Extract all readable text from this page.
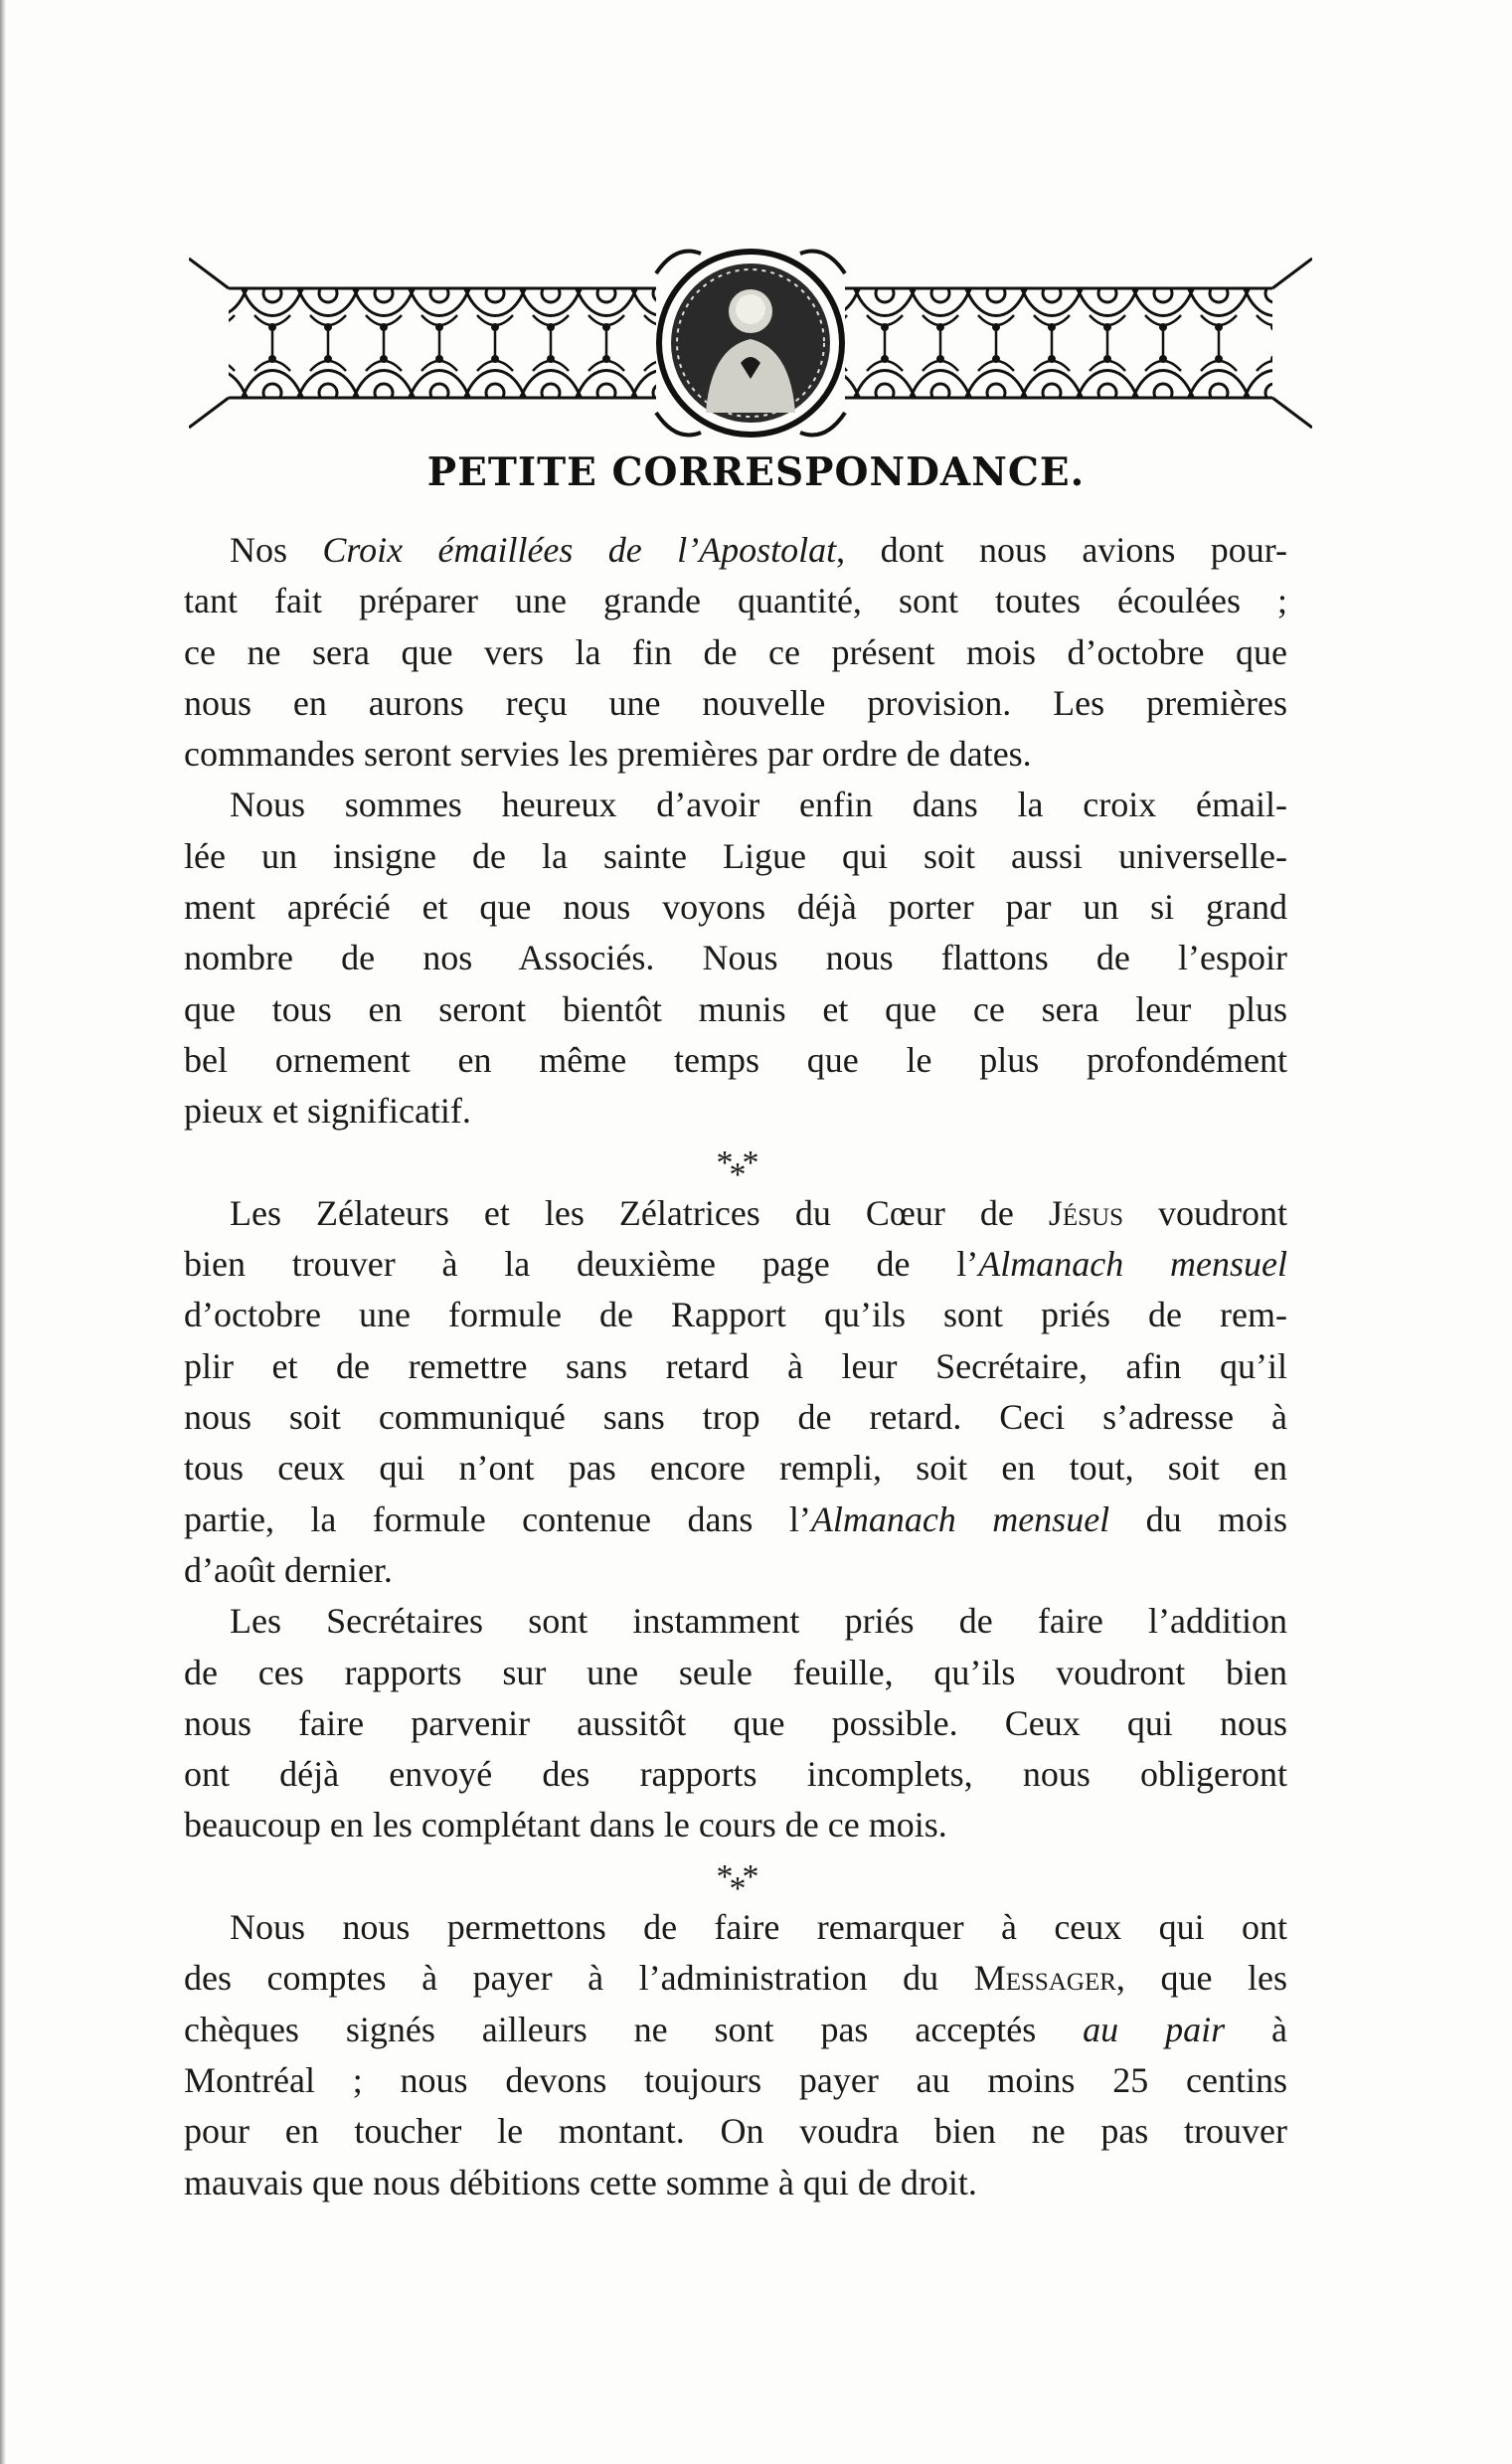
PETITE CORRESPONDANCE.
Nos Croix émaillées de l’Apostolat, dont nous avions pour-
tant fait préparer une grande quantité, sont toutes écoulées ;
ce ne sera que vers la fin de ce présent mois d’octobre que
nous en aurons reçu une nouvelle provision. Les premières
commandes seront servies les premières par ordre de dates.
Nous sommes heureux d’avoir enfin dans la croix émail-
lée un insigne de la sainte Ligue qui soit aussi universelle-
ment aprécié et que nous voyons déjà porter par un si grand
nombre de nos Associés. Nous nous flattons de l’espoir
que tous en seront bientôt munis et que ce sera leur plus
bel ornement en même temps que le plus profondément
pieux et significatif.
***
Les Zélateurs et les Zélatrices du Cœur de Jésus voudront
bien trouver à la deuxième page de l’Almanach mensuel
d’octobre une formule de Rapport qu’ils sont priés de rem-
plir et de remettre sans retard à leur Secrétaire, afin qu’il
nous soit communiqué sans trop de retard. Ceci s’adresse à
tous ceux qui n’ont pas encore rempli, soit en tout, soit en
partie, la formule contenue dans l’Almanach mensuel du mois
d’août dernier.
Les Secrétaires sont instamment priés de faire l’addition
de ces rapports sur une seule feuille, qu’ils voudront bien
nous faire parvenir aussitôt que possible. Ceux qui nous
ont déjà envoyé des rapports incomplets, nous obligeront
beaucoup en les complétant dans le cours de ce mois.
***
Nous nous permettons de faire remarquer à ceux qui ont
des comptes à payer à l’administration du Messager, que les
chèques signés ailleurs ne sont pas acceptés au pair à
Montréal ; nous devons toujours payer au moins 25 centins
pour en toucher le montant. On voudra bien ne pas trouver
mauvais que nous débitions cette somme à qui de droit.
